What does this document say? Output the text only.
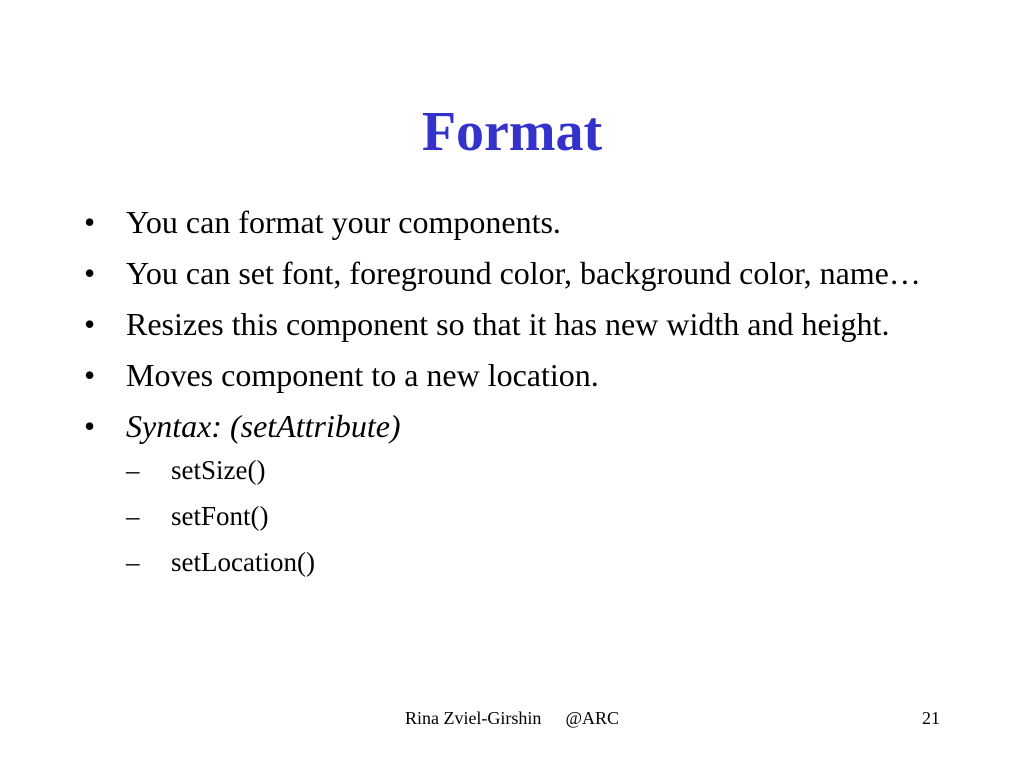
Format
• You can format your components.
• You can set font, foreground color, background color, name…
• Resizes this component so that it has new width and height.
• Moves component to a new location.
• Syntax: (setAttribute)
–	setSize()
–	setFont()
–	setLocation()
Rina Zviel-Girshin @ARC	21
